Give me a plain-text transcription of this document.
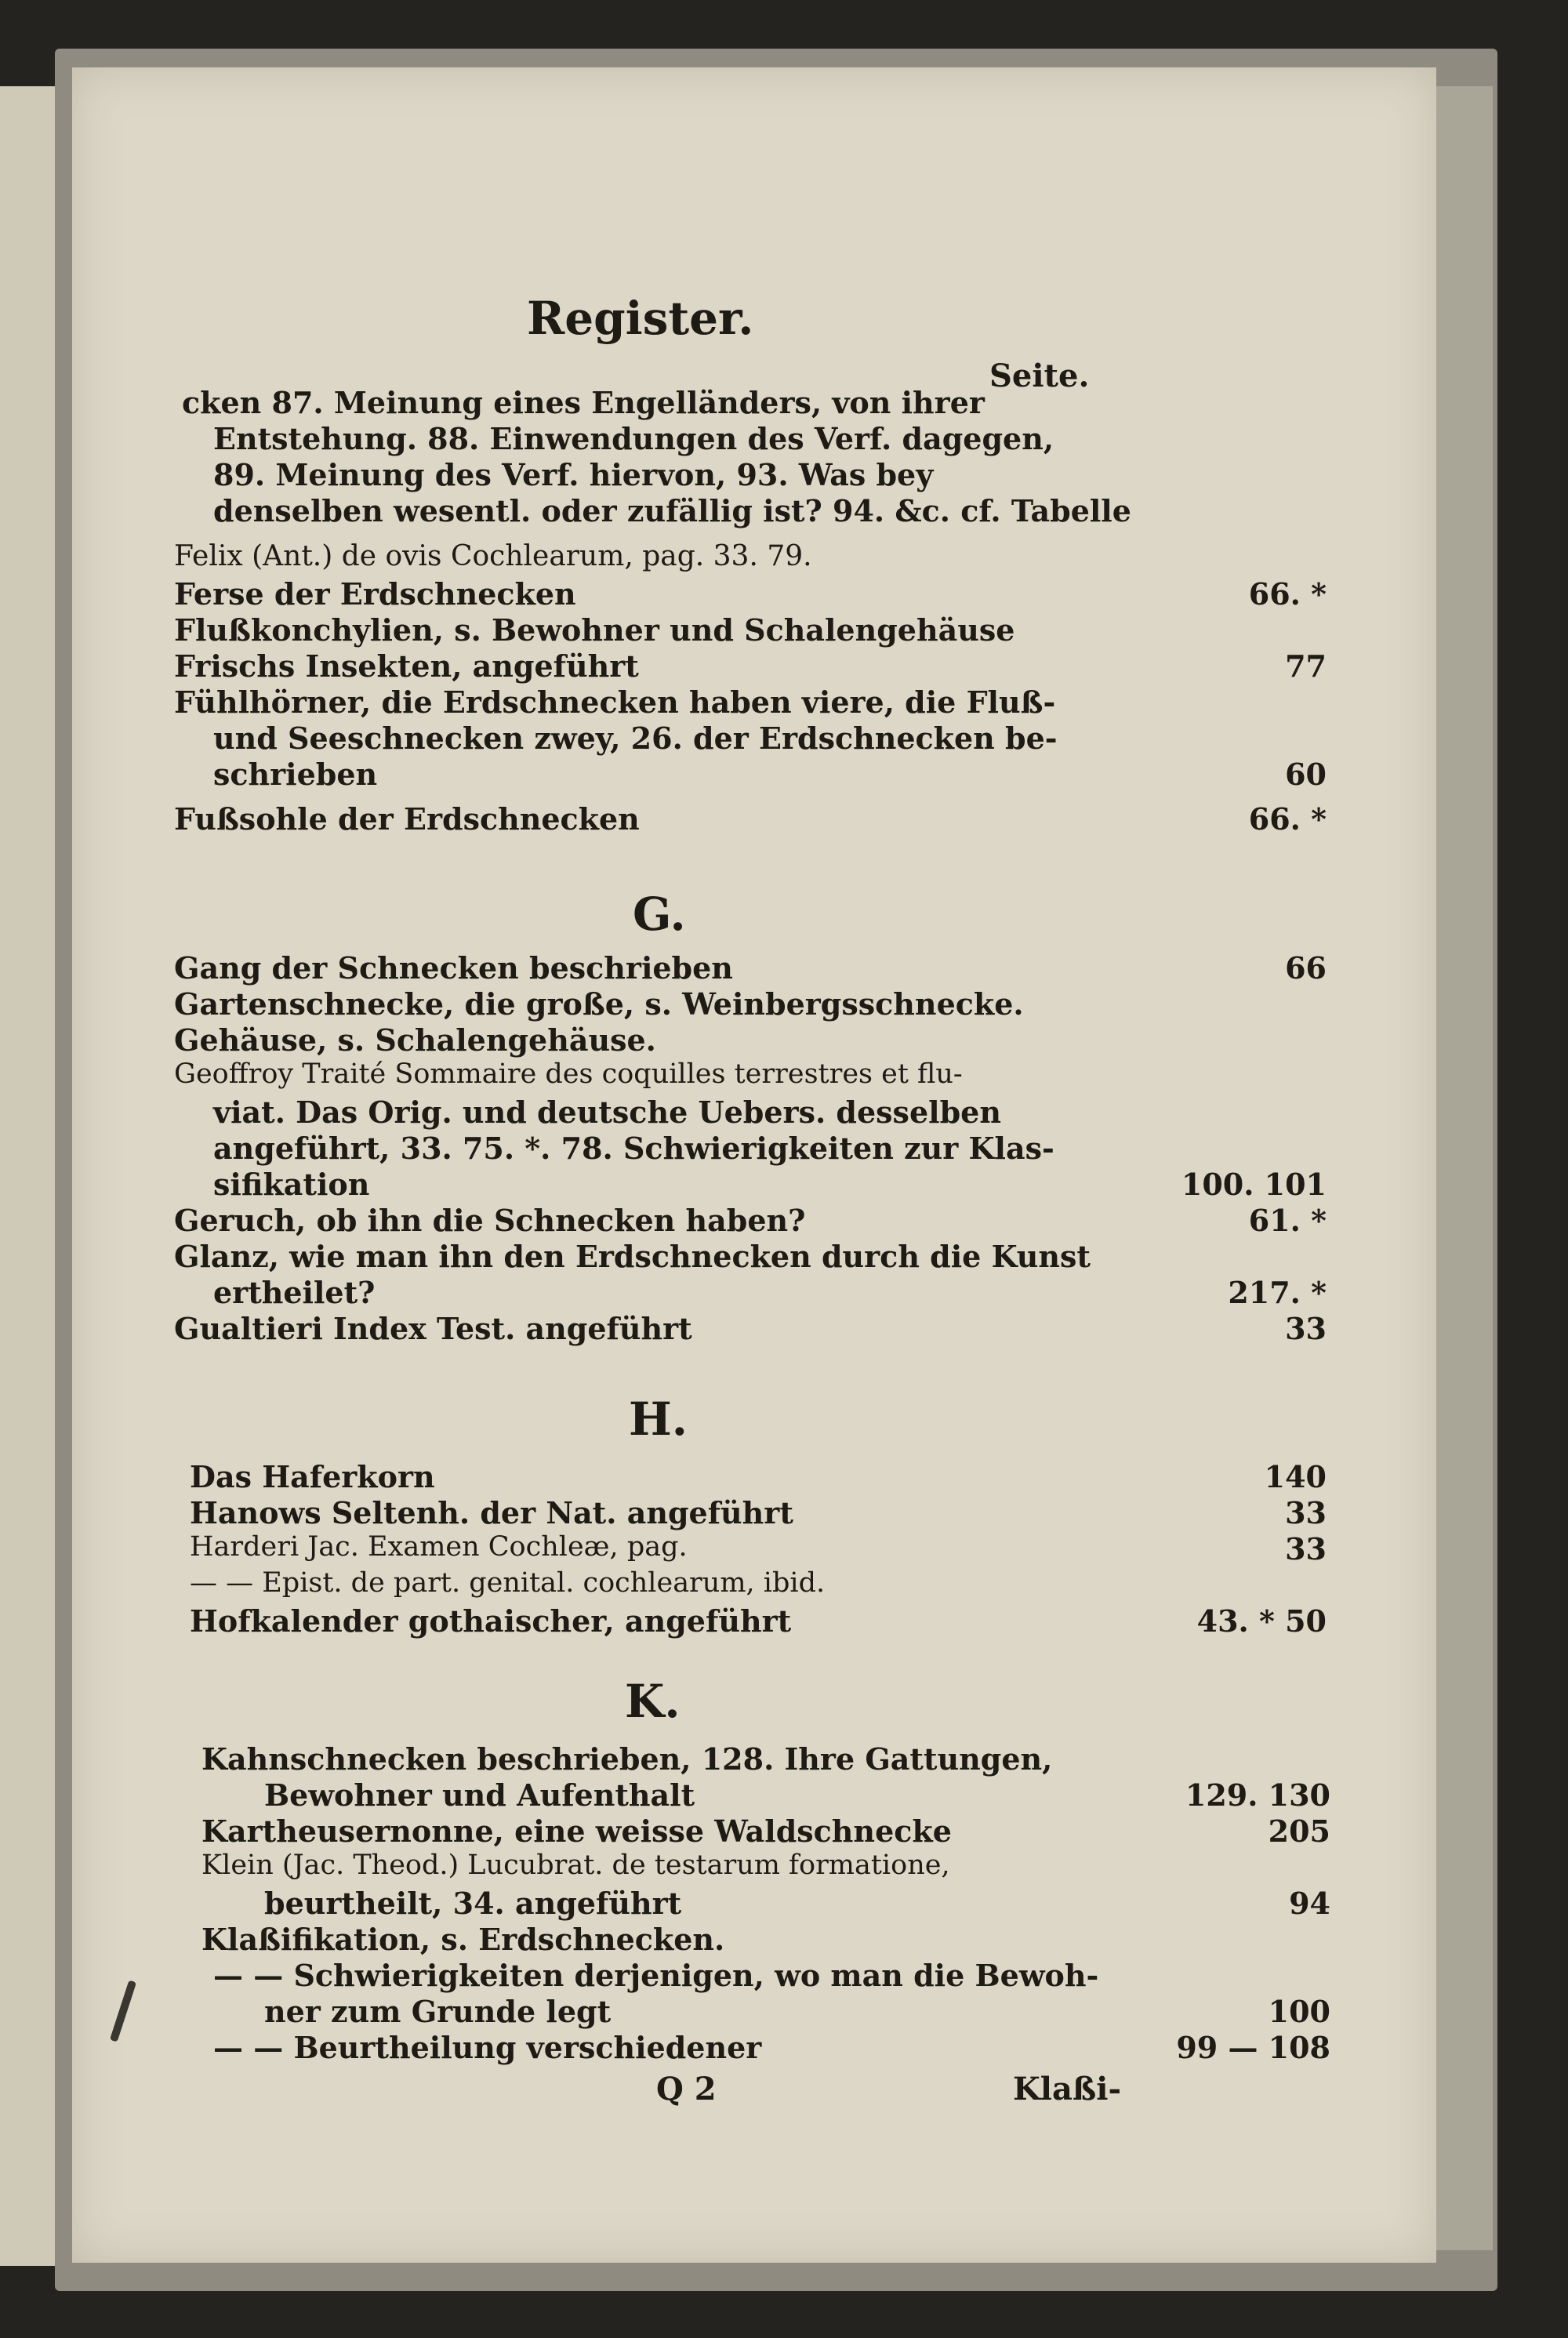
Register.
Seite.
cken 87. Meinung eines Engelländers, von ihrer
Entstehung. 88. Einwendungen des Verf. dagegen,
89. Meinung des Verf. hiervon, 93. Was bey
denselben wesentl. oder zufällig ist? 94. &c. cf. Tabelle
Felix (Ant.) de ovis Cochlearum, pag. 33. 79.
Ferse der Erdschnecken	66. *
Flußkonchylien, s. Bewohner und Schalengehäuse
Frischs Insekten, angeführt	77
Fühlhörner, die Erdschnecken haben viere, die Fluß-
und Seeschnecken zwey, 26. der Erdschnecken be-
schrieben	60
Fußsohle der Erdschnecken	66. *
G.
Gang der Schnecken beschrieben	66
Gartenschnecke, die große, s. Weinbergsschnecke.
Gehäuse, s. Schalengehäuse.
Geoffroy Traité Sommaire des coquilles terrestres et flu-
viat. Das Orig. und deutsche Uebers. desselben
angeführt, 33. 75. *. 78. Schwierigkeiten zur Klas-
sifikation	100. 101
Geruch, ob ihn die Schnecken haben?	61. *
Glanz, wie man ihn den Erdschnecken durch die Kunst
ertheilet?	217. *
Gualtieri Index Test. angeführt	33
H.
Das Haferkorn	140
Hanows Seltenh. der Nat. angeführt	33
Harderi Jac. Examen Cochleæ, pag.	33
— — Epist. de part. genital. cochlearum, ibid.
Hofkalender gothaischer, angeführt	43. * 50
K.
Kahnschnecken beschrieben, 128. Ihre Gattungen,
Bewohner und Aufenthalt	129. 130
Kartheusernonne, eine weisse Waldschnecke	205
Klein (Jac. Theod.) Lucubrat. de testarum formatione,
beurtheilt, 34. angeführt	94
Klaßifikation, s. Erdschnecken.
— — Schwierigkeiten derjenigen, wo man die Bewoh-
ner zum Grunde legt	100
— — Beurtheilung verschiedener	99 — 108
Q 2	Klaßi-
